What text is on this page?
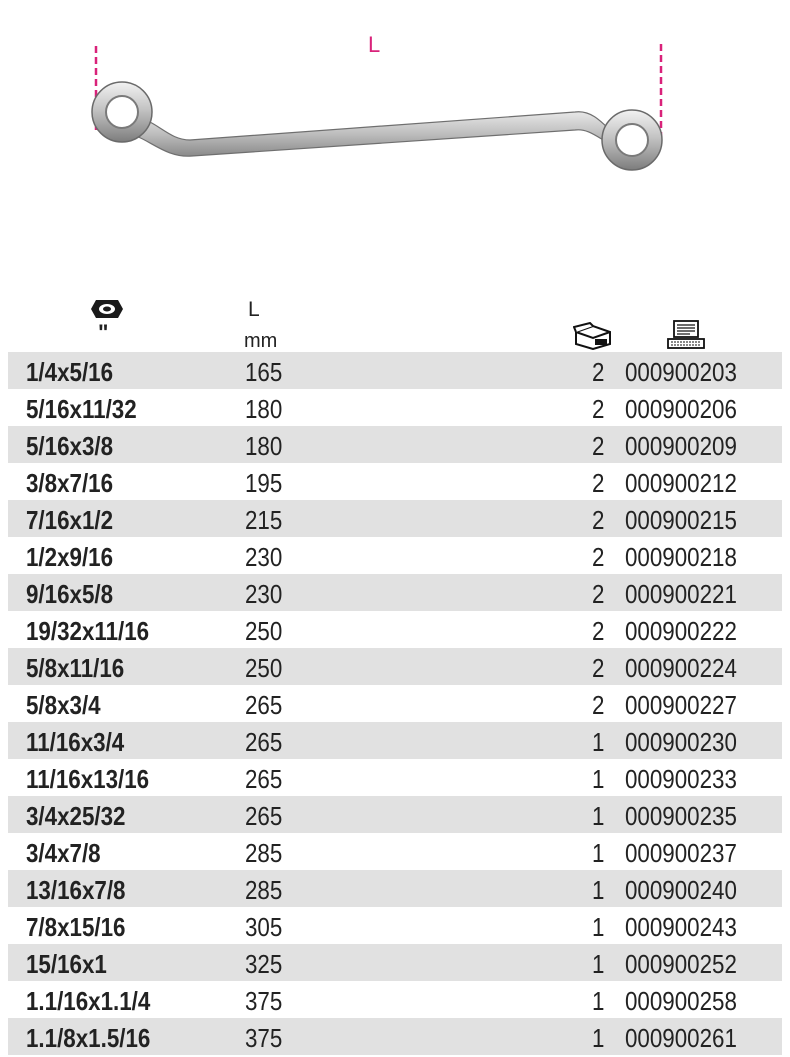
L
"
L
mm
1/4x5/16	165	2 000900203
5/16x11/32	180	2 000900206
5/16x3/8	180	2 000900209
3/8x7/16	195	2 000900212
7/16x1/2	215	2 000900215
1/2x9/16	230	2 000900218
9/16x5/8	230	2 000900221
19/32x11/16	250	2 000900222
5/8x11/16	250	2 000900224
5/8x3/4	265	2 000900227
11/16x3/4	265	1 000900230
11/16x13/16	265	1 000900233
3/4x25/32	265	1 000900235
3/4x7/8	285	1 000900237
13/16x7/8	285	1 000900240
7/8x15/16	305	1 000900243
15/16x1	325	1 000900252
1.1/16x1.1/4	375	1 000900258
1.1/8x1.5/16	375	1 000900261
